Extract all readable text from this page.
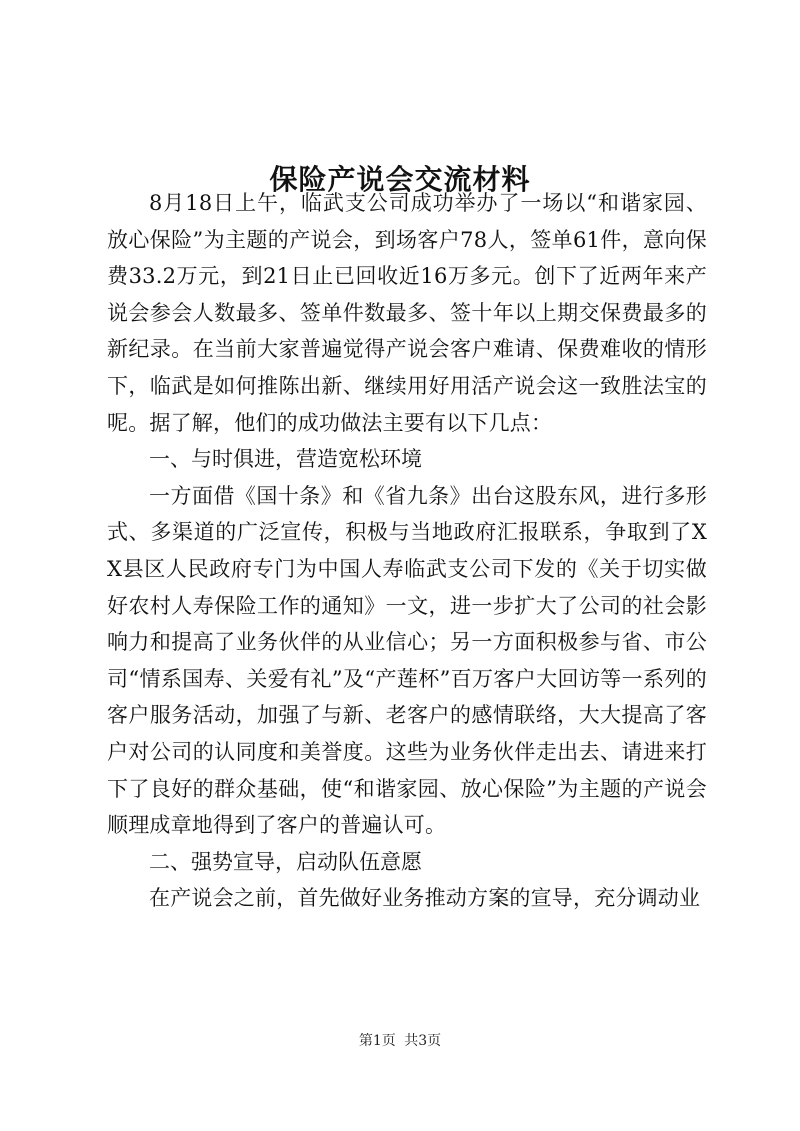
保险产说会交流材料

8月18日上午，临武支公司成功举办了一场以“和谐家园、放心保险”为主题的产说会，到场客户78人，签单61件，意向保费33.2万元，到21日止已回收近16万多元。创下了近两年来产说会参会人数最多、签单件数最多、签十年以上期交保费最多的新纪录。在当前大家普遍觉得产说会客户难请、保费难收的情形下，临武是如何推陈出新、继续用好用活产说会这一致胜法宝的呢。据了解，他们的成功做法主要有以下几点：

一、与时俱进，营造宽松环境

一方面借《国十条》和《省九条》出台这股东风，进行多形式、多渠道的广泛宣传，积极与当地政府汇报联系，争取到了XX县区人民政府专门为中国人寿临武支公司下发的《关于切实做好农村人寿保险工作的通知》一文，进一步扩大了公司的社会影响力和提高了业务伙伴的从业信心；另一方面积极参与省、市公司“情系国寿、关爱有礼”及“产莲杯”百万客户大回访等一系列的客户服务活动，加强了与新、老客户的感情联络，大大提高了客户对公司的认同度和美誉度。这些为业务伙伴走出去、请进来打下了良好的群众基础，使“和谐家园、放心保险”为主题的产说会顺理成章地得到了客户的普遍认可。

二、强势宣导，启动队伍意愿

在产说会之前，首先做好业务推动方案的宣导，充分调动业

第1页 共3页
